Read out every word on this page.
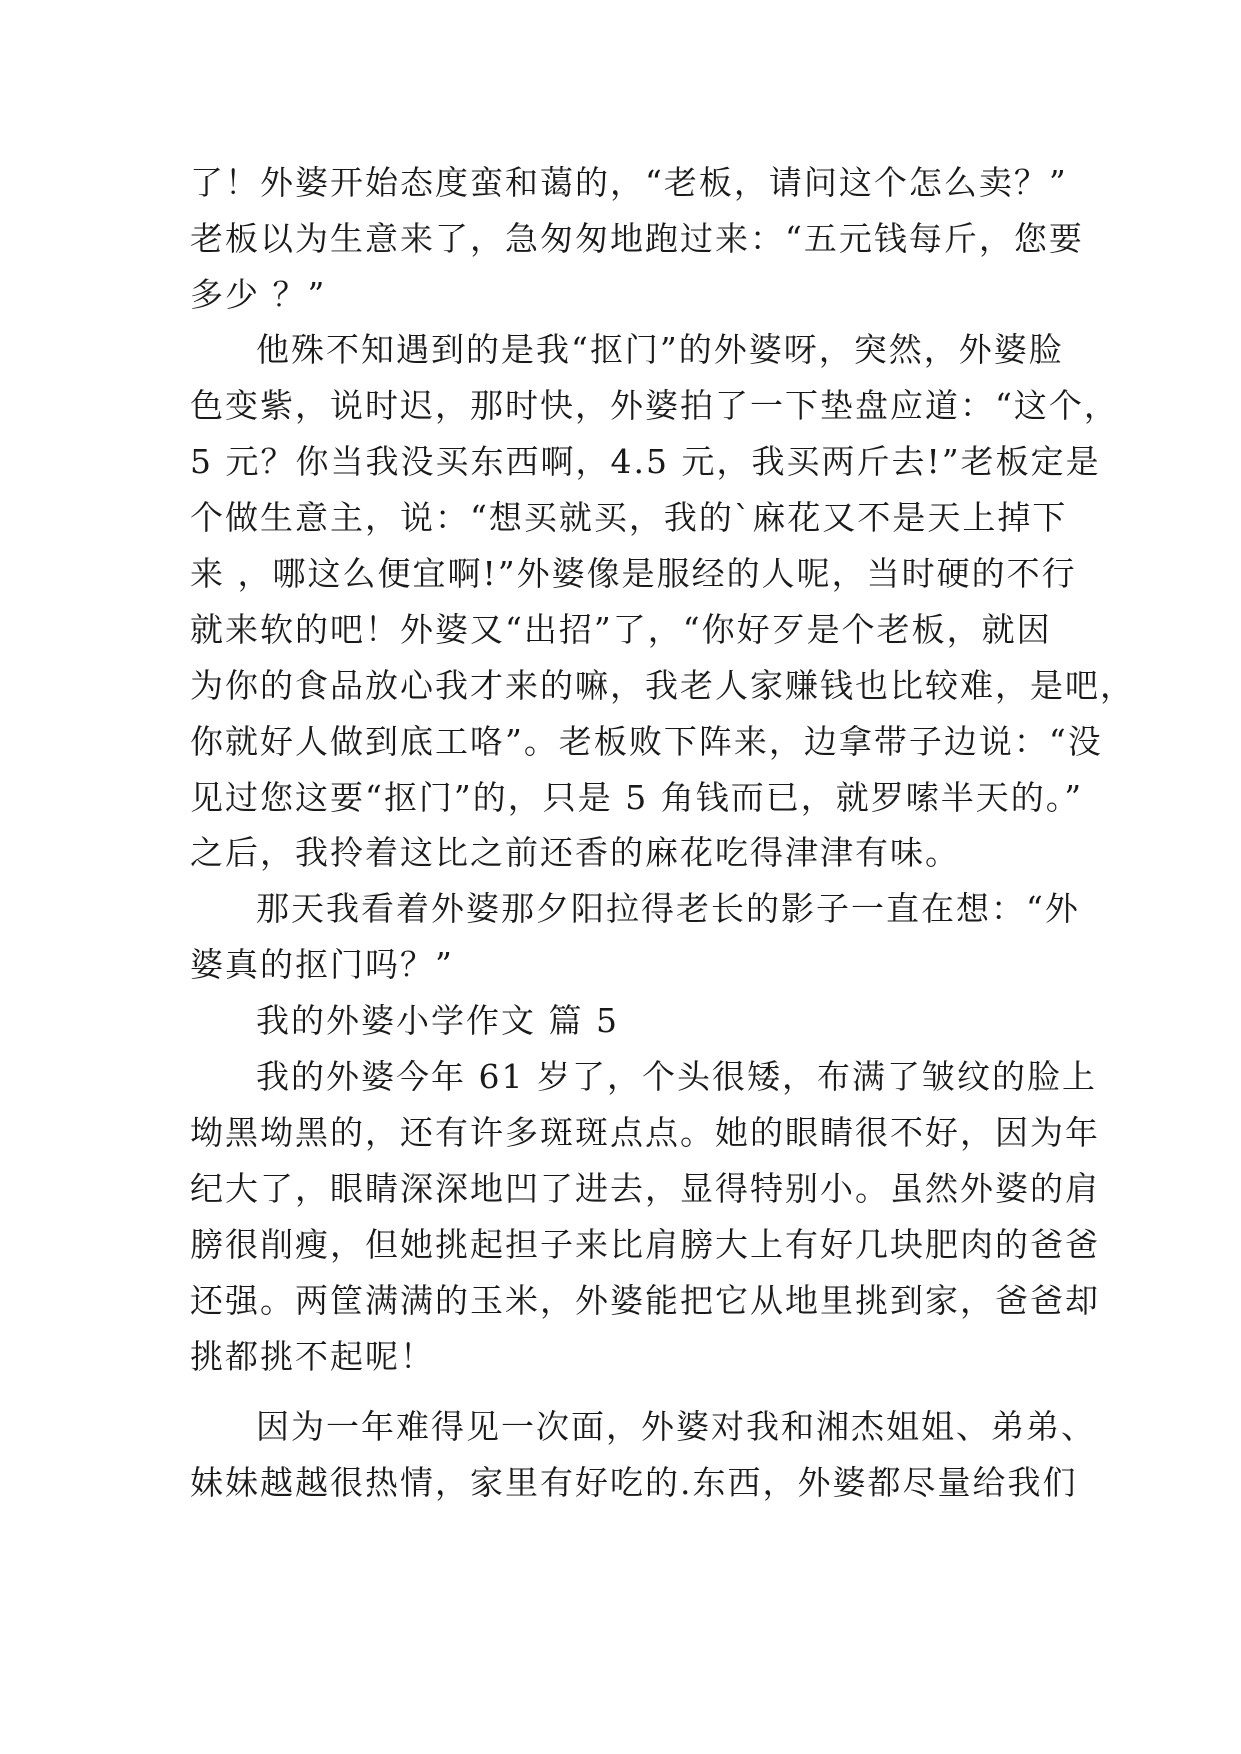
了！外婆开始态度蛮和蔼的，“老板，请问这个怎么卖？”
老板以为生意来了，急匆匆地跑过来：“五元钱每斤，您要
多少 ？”
他殊不知遇到的是我“抠门”的外婆呀，突然，外婆脸
色变紫，说时迟，那时快，外婆拍了一下垫盘应道：“这个，
5 元？你当我没买东西啊，4.5 元，我买两斤去!”老板定是
个做生意主，说：“想买就买，我的`麻花又不是天上掉下
来 ，哪这么便宜啊!”外婆像是服经的人呢，当时硬的不行
就来软的吧！外婆又“出招”了，“你好歹是个老板，就因
为你的食品放心我才来的嘛，我老人家赚钱也比较难，是吧，
你就好人做到底工咯”。老板败下阵来，边拿带子边说：“没
见过您这要“抠门”的，只是 5 角钱而已，就罗嗦半天的。”
之后，我拎着这比之前还香的麻花吃得津津有味。
那天我看着外婆那夕阳拉得老长的影子一直在想：“外
婆真的抠门吗？”
我的外婆小学作文 篇 5
我的外婆今年 61 岁了，个头很矮，布满了皱纹的脸上
坳黑坳黑的，还有许多斑斑点点。她的眼睛很不好，因为年
纪大了，眼睛深深地凹了进去，显得特别小。虽然外婆的肩
膀很削瘦，但她挑起担子来比肩膀大上有好几块肥肉的爸爸
还强。两筐满满的玉米，外婆能把它从地里挑到家，爸爸却
挑都挑不起呢！
因为一年难得见一次面，外婆对我和湘杰姐姐、弟弟、
妹妹越越很热情，家里有好吃的.东西，外婆都尽量给我们
